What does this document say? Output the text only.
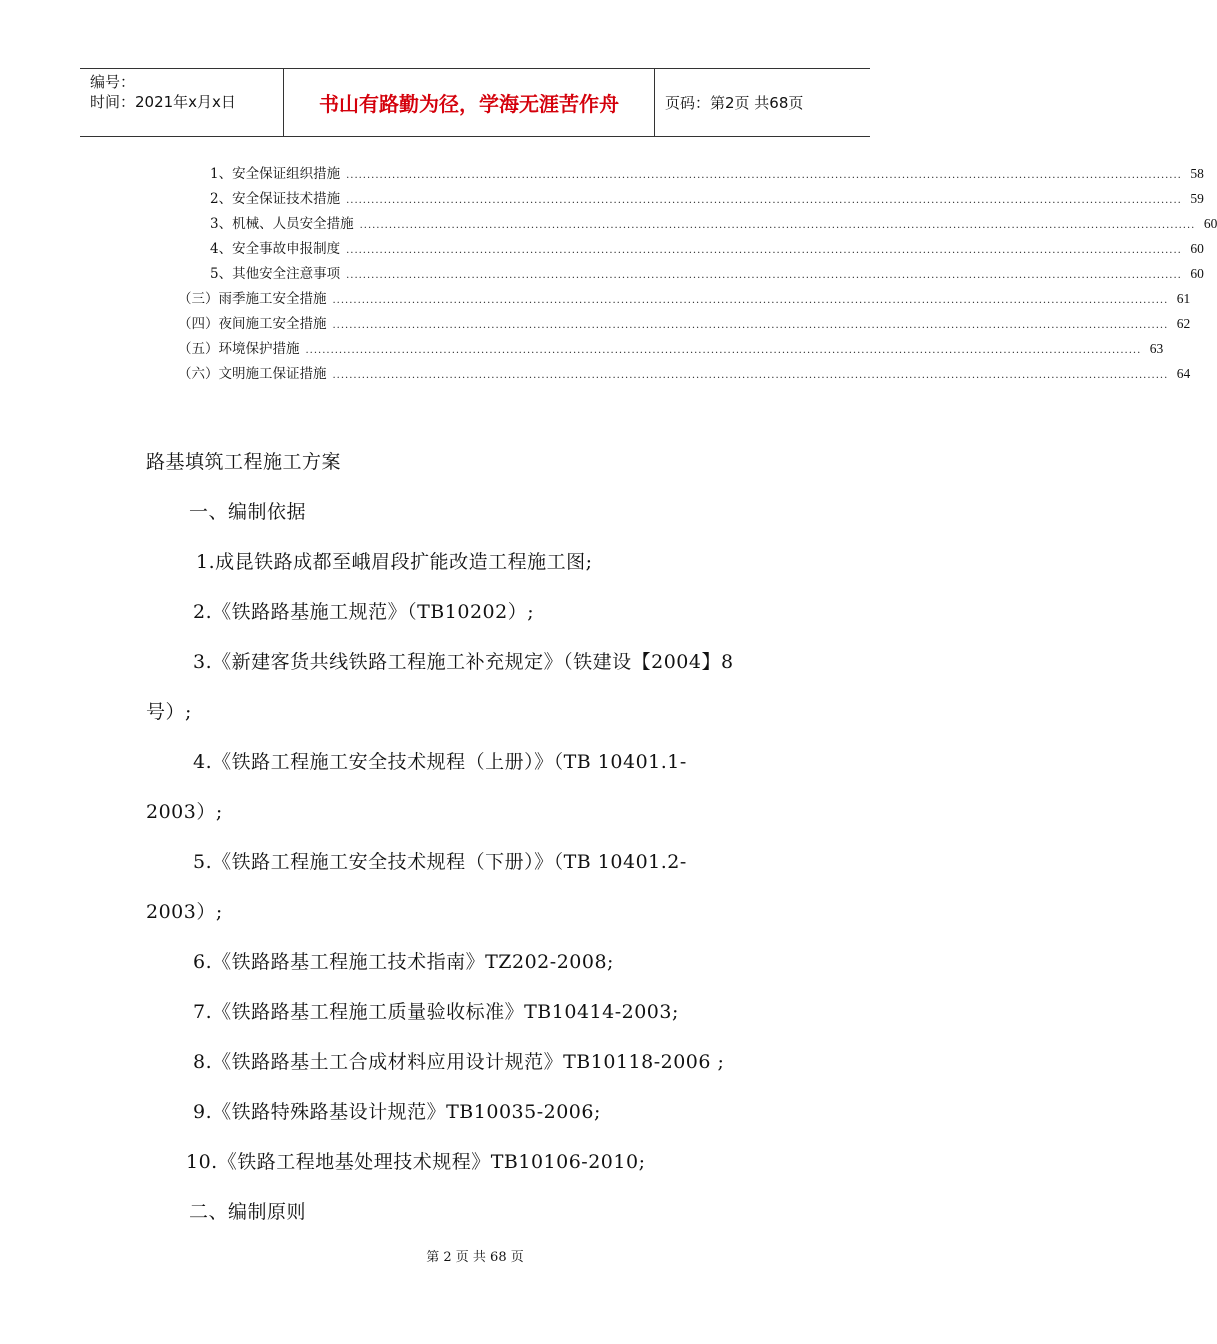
编号：
时间：2021年x月x日	书山有路勤为径，学海无涯苦作舟	页码：第2页 共68页
1、安全保证组织措施 ........................................................................................................................................................................................................ 58
2、安全保证技术措施 ........................................................................................................................................................................................................ 59
3、机械、人员安全措施 ........................................................................................................................................................................................................ 60
4、安全事故申报制度 ........................................................................................................................................................................................................ 60
5、其他安全注意事项 ........................................................................................................................................................................................................ 60
（三）雨季施工安全措施 ........................................................................................................................................................................................................ 61
（四）夜间施工安全措施 ........................................................................................................................................................................................................ 62
（五）环境保护措施 ........................................................................................................................................................................................................ 63
（六）文明施工保证措施 ........................................................................................................................................................................................................ 64
路基填筑工程施工方案
一、编制依据
1.成昆铁路成都至峨眉段扩能改造工程施工图;
2.《铁路路基施工规范》（TB10202）;
3.《新建客货共线铁路工程施工补充规定》（铁建设【2004】8
号）;
4.《铁路工程施工安全技术规程（上册）》（TB 10401.1-
2003）;
5.《铁路工程施工安全技术规程（下册）》（TB 10401.2-
2003）;
6.《铁路路基工程施工技术指南》TZ202-2008;
7.《铁路路基工程施工质量验收标准》TB10414-2003;
8.《铁路路基土工合成材料应用设计规范》TB10118-2006 ;
9.《铁路特殊路基设计规范》TB10035-2006;
10.《铁路工程地基处理技术规程》TB10106-2010;
二、编制原则
第 2 页 共 68 页
